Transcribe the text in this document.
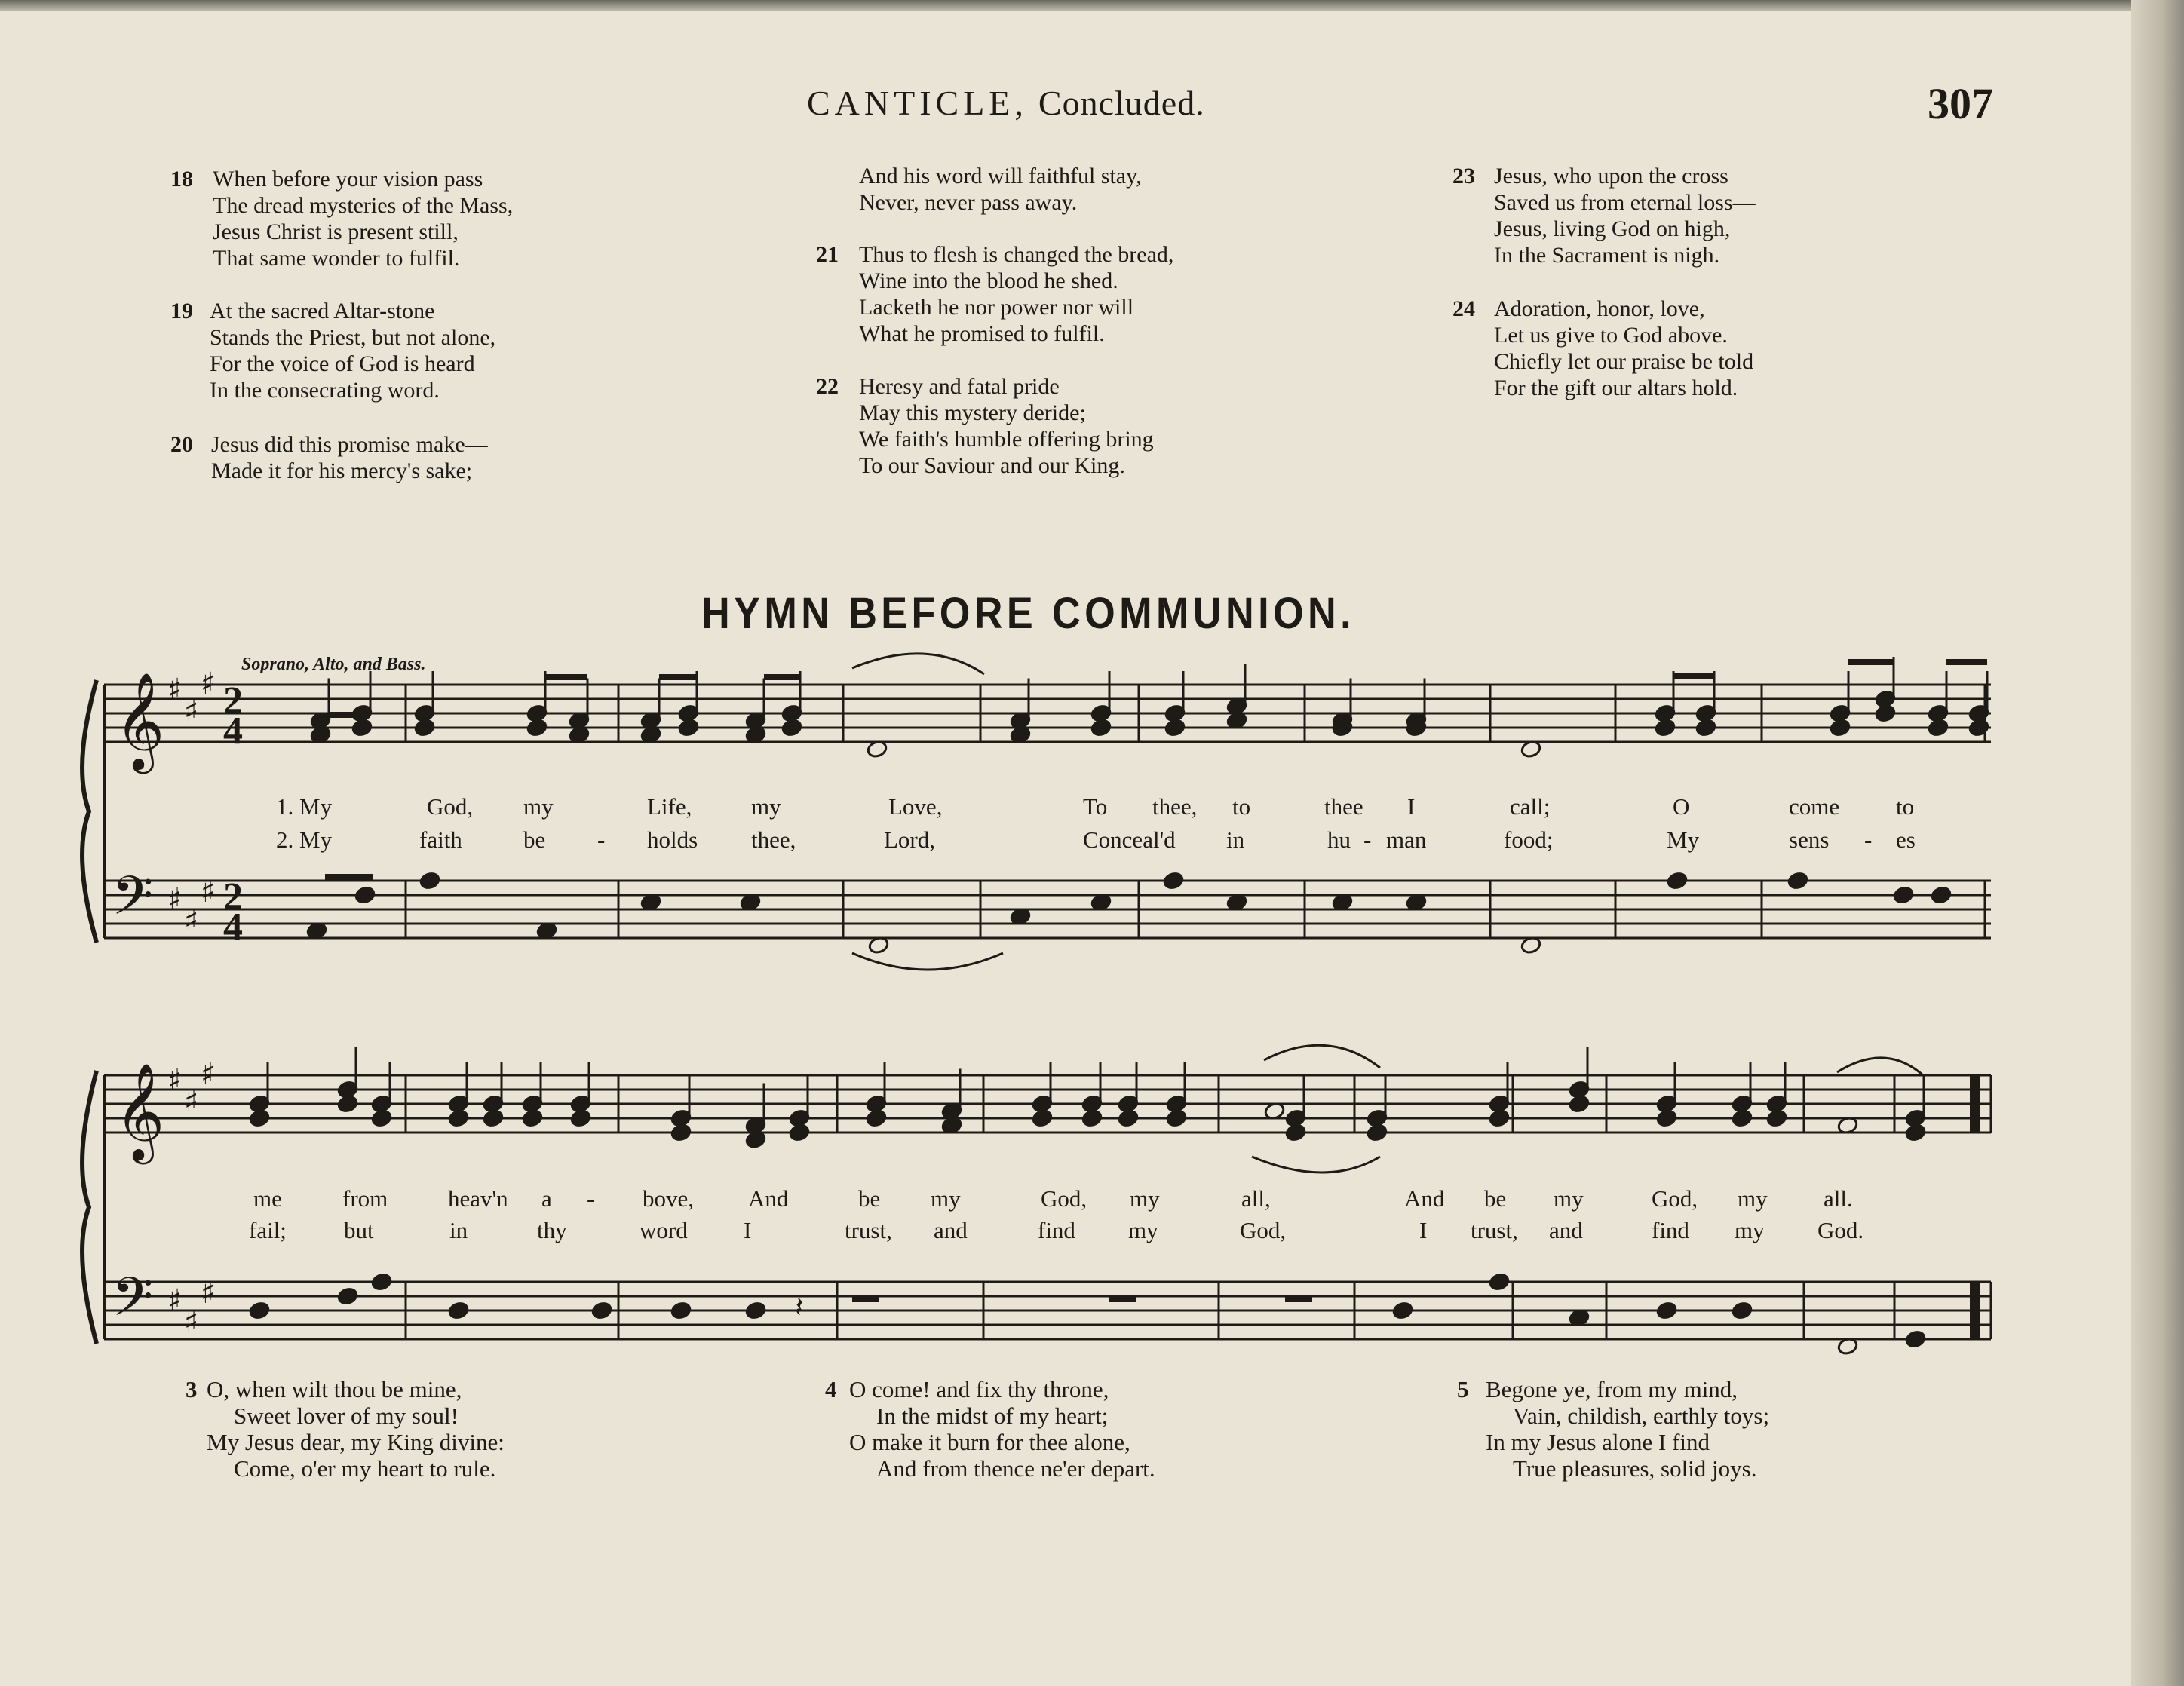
CANTICLE, Concluded.	307
18 When before your vision pass
The dread mysteries of the Mass,
Jesus Christ is present still,
That same wonder to fulfil.
19 At the sacred Altar-stone
Stands the Priest, but not alone,
For the voice of God is heard
In the consecrating word.
20 Jesus did this promise make—
Made it for his mercy's sake;
And his word will faithful stay,
Never, never pass away.
21 Thus to flesh is changed the bread,
Wine into the blood he shed.
Lacketh he nor power nor will
What he promised to fulfil.
22 Heresy and fatal pride
May this mystery deride;
We faith's humble offering bring
To our Saviour and our King.
23 Jesus, who upon the cross
Saved us from eternal loss—
Jesus, living God on high,
In the Sacrament is nigh.
24 Adoration, honor, love,
Let us give to God above.
Chiefly let our praise be told
For the gift our altars hold.
HYMN BEFORE COMMUNION.
Soprano, Alto, and Bass.
𝄞 ♯
♯
♯
𝄢 ♯
♯
♯
𝄞 ♯
♯
♯
𝄢 ♯
♯
♯
2
4
2
4
𝄽
1. My	God, my	Life,	my	Love,	To thee, to	thee I	call;	O	come to
2. My	faith	be - holds thee,	Lord,	Conceal'd in	hu - man	food;	My	sens - es
me	from	heav'n a - bove, And	be my	God, my	all,	And be my	God, my all.
fail; but	in	thy	word I	trust, and	find my	God,	I trust, and	find my God.
3 O, when wilt thou be mine,
Sweet lover of my soul!
My Jesus dear, my King divine:
Come, o'er my heart to rule.
4 O come! and fix thy throne,
In the midst of my heart;
O make it burn for thee alone,
And from thence ne'er depart.
5 Begone ye, from my mind,
Vain, childish, earthly toys;
In my Jesus alone I find
True pleasures, solid joys.
